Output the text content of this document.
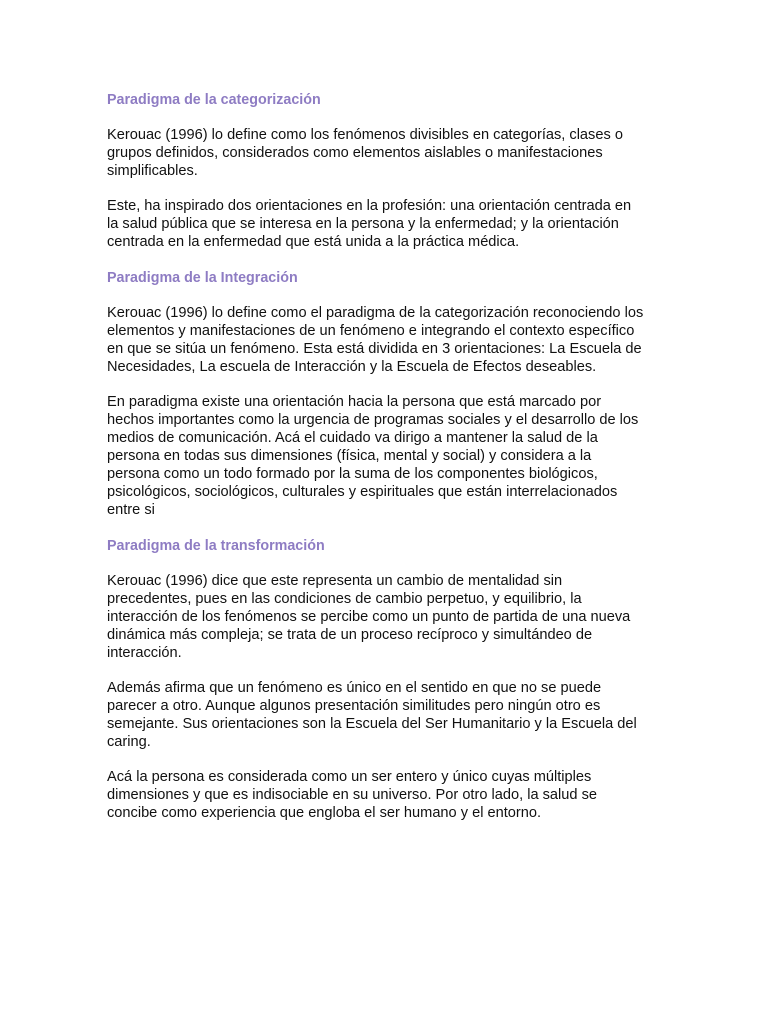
Paradigma de la categorización

Kerouac (1996) lo define como los fenómenos divisibles en categorías, clases o
grupos definidos, considerados como elementos aislables o manifestaciones
simplificables.

Este, ha inspirado dos orientaciones en la profesión: una orientación centrada en
la salud pública que se interesa en la persona y la enfermedad; y la orientación
centrada en la enfermedad que está unida a la práctica médica.

Paradigma de la Integración

Kerouac (1996) lo define como el paradigma de la categorización reconociendo los
elementos y manifestaciones de un fenómeno e integrando el contexto específico
en que se sitúa un fenómeno. Esta está dividida en 3 orientaciones: La Escuela de
Necesidades, La escuela de Interacción y la Escuela de Efectos deseables.

En paradigma existe una orientación hacia la persona que está marcado por
hechos importantes como la urgencia de programas sociales y el desarrollo de los
medios de comunicación. Acá el cuidado va dirigo a mantener la salud de la
persona en todas sus dimensiones (física, mental y social) y considera a la
persona como un todo formado por la suma de los componentes biológicos,
psicológicos, sociológicos, culturales y espirituales que están interrelacionados
entre si

Paradigma de la transformación

Kerouac (1996) dice que este representa un cambio de mentalidad sin
precedentes, pues en las condiciones de cambio perpetuo, y equilibrio, la
interacción de los fenómenos se percibe como un punto de partida de una nueva
dinámica más compleja; se trata de un proceso recíproco y simultándeo de
interacción.

Además afirma que un fenómeno es único en el sentido en que no se puede
parecer a otro. Aunque algunos presentación similitudes pero ningún otro es
semejante. Sus orientaciones son la Escuela del Ser Humanitario y la Escuela del
caring.

Acá la persona es considerada como un ser entero y único cuyas múltiples
dimensiones y que es indisociable en su universo. Por otro lado, la salud se
concibe como experiencia que engloba el ser humano y el entorno.
